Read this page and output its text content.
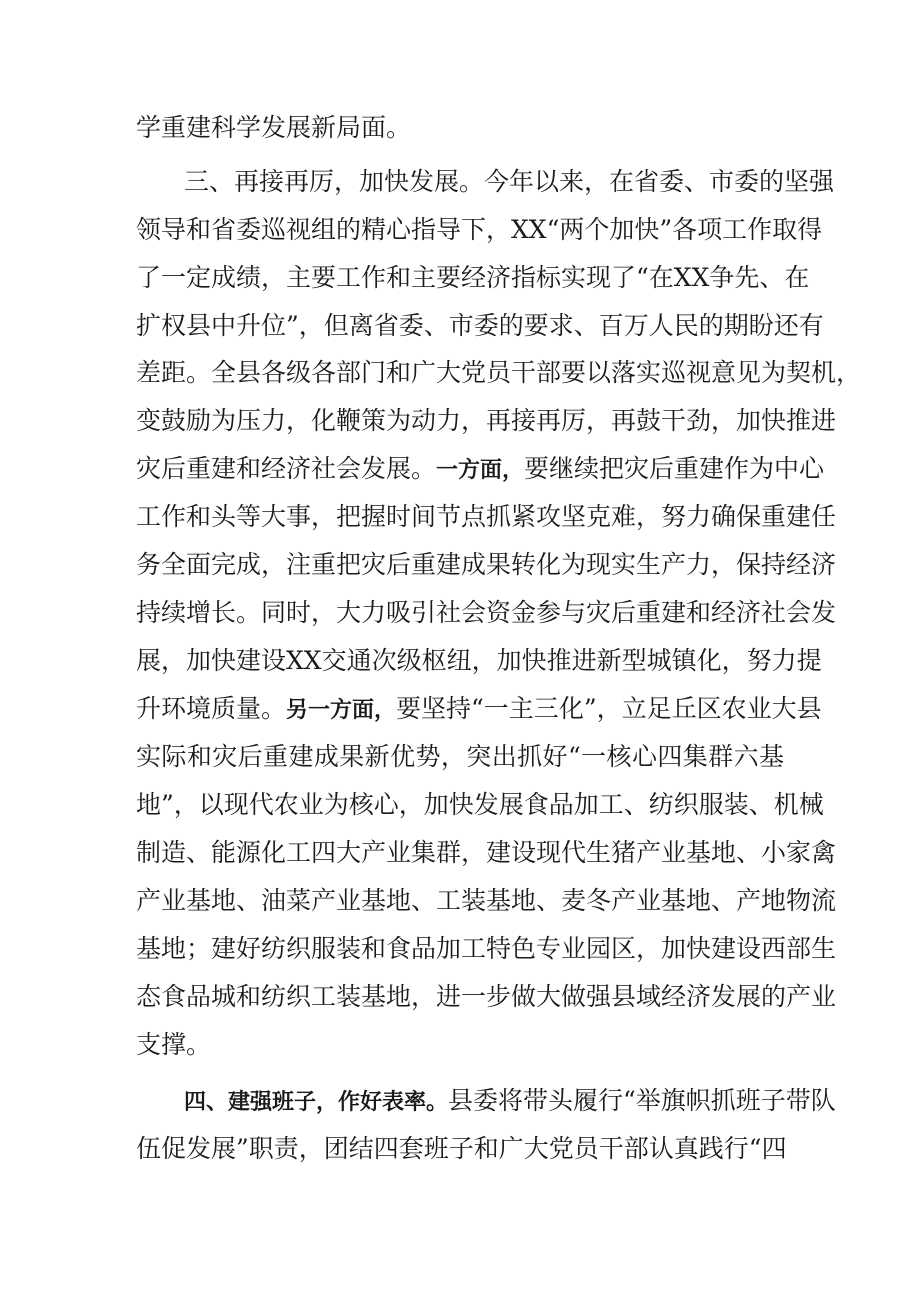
学重建科学发展新局面。
三、再接再厉，加快发展。今年以来，在省委、市委的坚强
领导和省委巡视组的精心指导下，XX“两个加快”各项工作取得
了一定成绩，主要工作和主要经济指标实现了“在XX争先、在
扩权县中升位”，但离省委、市委的要求、百万人民的期盼还有
差距。全县各级各部门和广大党员干部要以落实巡视意见为契机，
变鼓励为压力，化鞭策为动力，再接再厉，再鼓干劲，加快推进
灾后重建和经济社会发展。一方面，要继续把灾后重建作为中心
工作和头等大事，把握时间节点抓紧攻坚克难，努力确保重建任
务全面完成，注重把灾后重建成果转化为现实生产力，保持经济
持续增长。同时，大力吸引社会资金参与灾后重建和经济社会发
展，加快建设XX交通次级枢纽，加快推进新型城镇化，努力提
升环境质量。另一方面，要坚持“一主三化”，立足丘区农业大县
实际和灾后重建成果新优势，突出抓好“一核心四集群六基
地”，以现代农业为核心，加快发展食品加工、纺织服装、机械
制造、能源化工四大产业集群，建设现代生猪产业基地、小家禽
产业基地、油菜产业基地、工装基地、麦冬产业基地、产地物流
基地；建好纺织服装和食品加工特色专业园区，加快建设西部生
态食品城和纺织工装基地，进一步做大做强县域经济发展的产业
支撑。
四、建强班子，作好表率。县委将带头履行“举旗帜抓班子带队
伍促发展”职责，团结四套班子和广大党员干部认真践行“四
